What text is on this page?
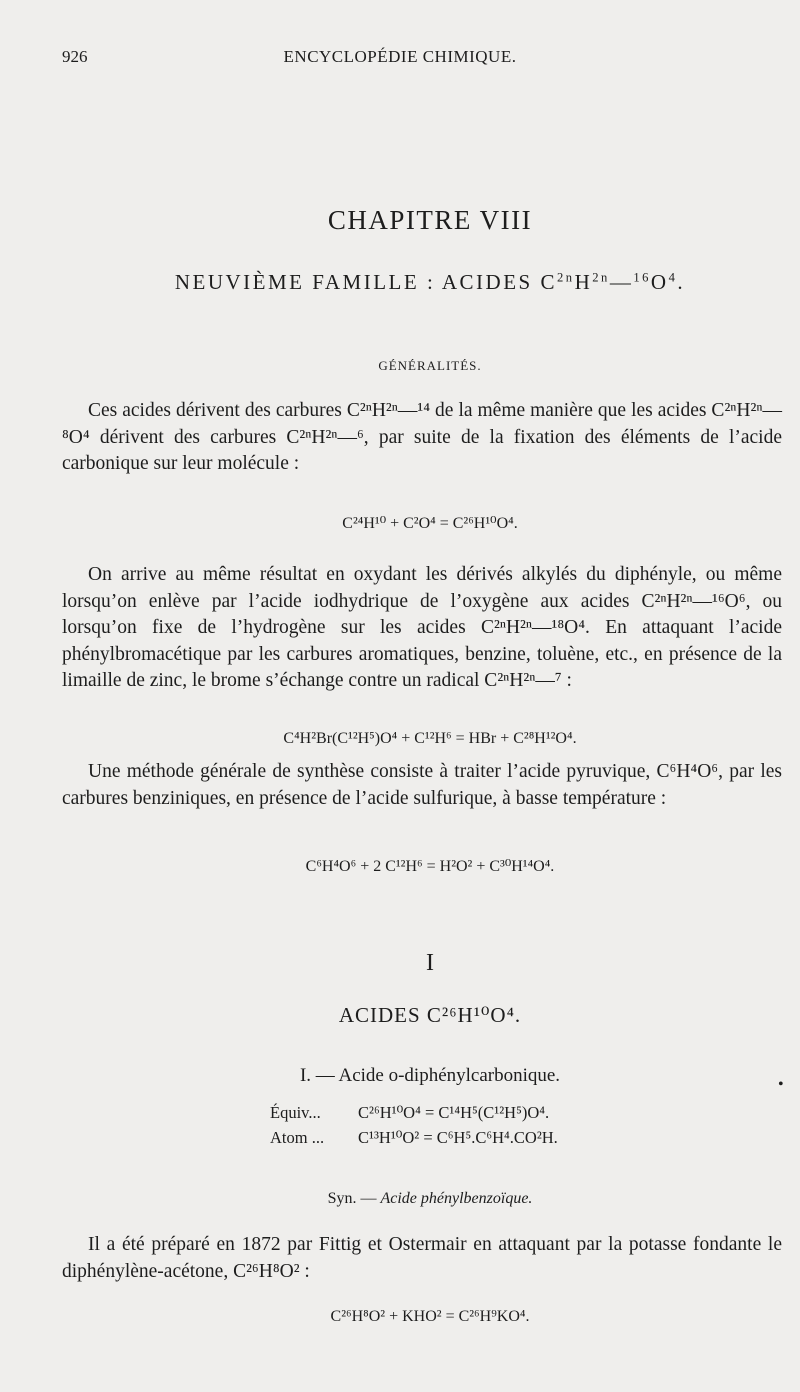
ENCYCLOPÉDIE CHIMIQUE.
926
CHAPITRE VIII
NEUVIÈME FAMILLE : ACIDES $C^{2n}H^{2n}—^{16}O^4$.
GÉNÉRALITÉS.
Ces acides dérivent des carbures C²ⁿH²ⁿ—¹⁴ de la même manière que les acides C²ⁿH²ⁿ—⁸O⁴ dérivent des carbures C²ⁿH²ⁿ—⁶, par suite de la fixation des éléments de l’acide carbonique sur leur molécule :
C²⁴H¹⁰ + C²O⁴ = C²⁶H¹⁰O⁴.
On arrive au même résultat en oxydant les dérivés alkylés du diphényle, ou même lorsqu’on enlève par l’acide iodhydrique de l’oxygène aux acides C²ⁿH²ⁿ—¹⁶O⁶, ou lorsqu’on fixe de l’hydrogène sur les acides C²ⁿH²ⁿ—¹⁸O⁴. En attaquant l’acide phénylbromacétique par les carbures aromatiques, benzine, toluène, etc., en présence de la limaille de zinc, le brome s’échange contre un radical C²ⁿH²ⁿ—⁷ :
C⁴H²Br(C¹²H⁵)O⁴ + C¹²H⁶ = HBr + C²⁸H¹²O⁴.
Une méthode générale de synthèse consiste à traiter l’acide pyruvique, C⁶H⁴O⁶, par les carbures benziniques, en présence de l’acide sulfurique, à basse température :
C⁶H⁴O⁶ + 2 C¹²H⁶ = H²O² + C³⁰H¹⁴O⁴.
I
ACIDES C²⁶H¹⁰O⁴.
I. — Acide o-diphénylcarbonique.	•
Équiv... C²⁶H¹⁰O⁴ = C¹⁴H⁵(C¹²H⁵)O⁴.
Atom ... C¹³H¹⁰O² = C⁶H⁵.C⁶H⁴.CO²H.
Syn. — Acide phénylbenzoïque.
Il a été préparé en 1872 par Fittig et Ostermair en attaquant par la potasse fondante le diphénylène-acétone, C²⁶H⁸O² :
C²⁶H⁸O² + KHO² = C²⁶H⁹KO⁴.
